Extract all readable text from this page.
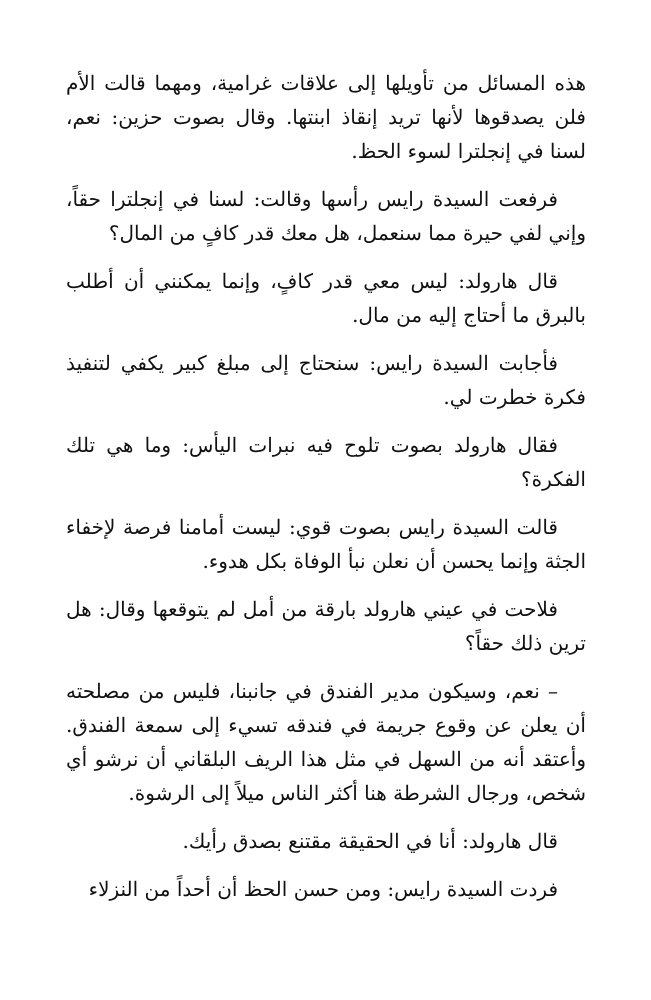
هذه المسائل من تأويلها إلى علاقات غرامية، ومهما قالت الأم فلن يصدقوها لأنها تريد إنقاذ ابنتها. وقال بصوت حزين: نعم، لسنا في إنجلترا لسوء الحظ.

فرفعت السيدة رايس رأسها وقالت: لسنا في إنجلترا حقاً، وإني لفي حيرة مما سنعمل، هل معك قدر كافٍ من المال؟

قال هارولد: ليس معي قدر كافٍ، وإنما يمكنني أن أطلب بالبرق ما أحتاج إليه من مال.

فأجابت السيدة رايس: سنحتاج إلى مبلغ كبير يكفي لتنفيذ فكرة خطرت لي.

فقال هارولد بصوت تلوح فيه نبرات اليأس: وما هي تلك الفكرة؟

قالت السيدة رايس بصوت قوي: ليست أمامنا فرصة لإخفاء الجثة وإنما يحسن أن نعلن نبأ الوفاة بكل هدوء.

فلاحت في عيني هارولد بارقة من أمل لم يتوقعها وقال: هل ترين ذلك حقاً؟

– نعم، وسيكون مدير الفندق في جانبنا، فليس من مصلحته أن يعلن عن وقوع جريمة في فندقه تسيء إلى سمعة الفندق. وأعتقد أنه من السهل في مثل هذا الريف البلقاني أن نرشو أي شخص، ورجال الشرطة هنا أكثر الناس ميلاً إلى الرشوة.

قال هارولد: أنا في الحقيقة مقتنع بصدق رأيك.

فردت السيدة رايس: ومن حسن الحظ أن أحداً من النزلاء
